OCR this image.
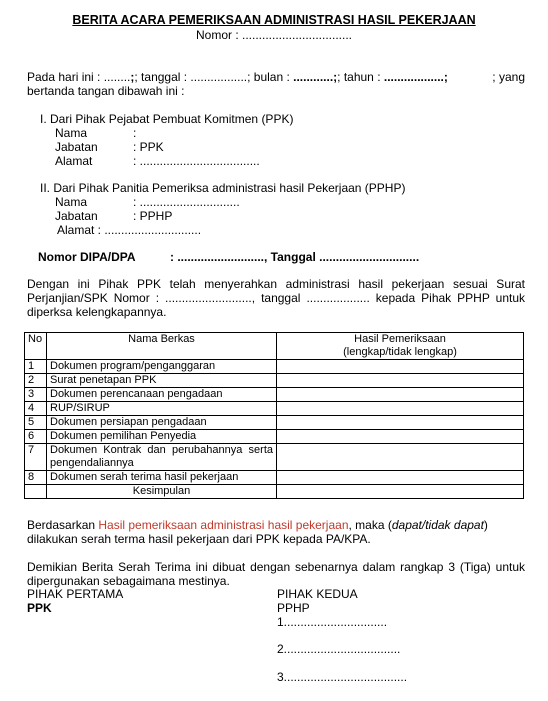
BERITA ACARA PEMERIKSAAN ADMINISTRASI HASIL PEKERJAAN
Nomor : .................................
Pada hari ini : ........;; tanggal : .................; bulan : ............;; tahun : ..................;	; yang
bertanda tangan dibawah ini :
I. Dari Pihak Pejabat Pembuat Komitmen (PPK)
Nama	:
Jabatan	: PPK
Alamat	: ....................................
II. Dari Pihak Panitia Pemeriksa administrasi hasil Pekerjaan (PPHP)
Nama	: ..............................
Jabatan	: PPHP
Alamat : .............................
Nomor DIPA/DPA	: .........................., Tanggal ..............................
Dengan ini Pihak PPK telah menyerahkan administrasi hasil pekerjaan sesuai Surat Perjanjian/SPK Nomor : .........................., tanggal ................... kepada Pihak PPHP untuk diperksa kelengkapannya.
No	Nama Berkas	Hasil Pemeriksaan
(lengkap/tidak lengkap)
1	Dokumen program/penganggaran	
2	Surat penetapan PPK	
3	Dokumen perencanaan pengadaan	
4	RUP/SIRUP	
5	Dokumen persiapan pengadaan	
6	Dokumen pemilihan Penyedia	
7	Dokumen Kontrak dan perubahannya serta pengendaliannya	
8	Dokumen serah terima hasil pekerjaan	
	Kesimpulan	
Berdasarkan Hasil pemeriksaan administrasi hasil pekerjaan, maka (dapat/tidak dapat)
dilakukan serah terma hasil pekerjaan dari PPK kepada PA/KPA.
Demikian Berita Serah Terima ini dibuat dengan sebenarnya dalam rangkap 3 (Tiga) untuk dipergunakan sebagaimana mestinya.
PIHAK PERTAMA
PPK
PIHAK KEDUA
PPHP
1...............................
2...................................
3.....................................
